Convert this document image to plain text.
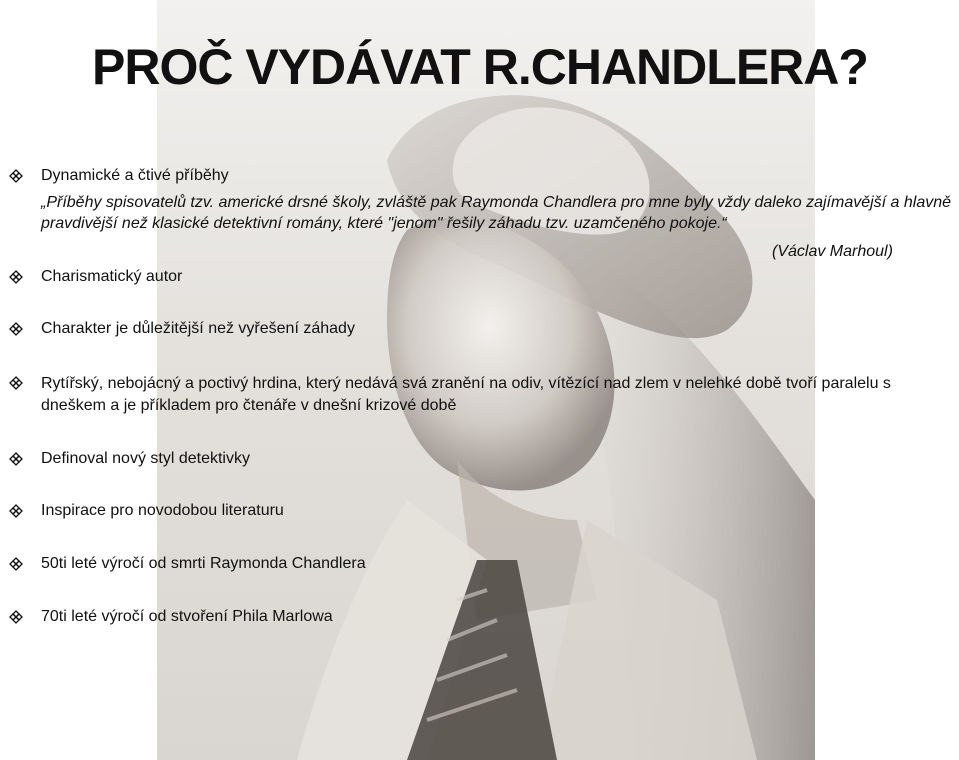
PROČ VYDÁVAT R.CHANDLERA?
Dynamické a čtivé příběhy
„Příběhy spisovatelů tzv. americké drsné školy, zvláště pak Raymonda Chandlera pro mne byly vždy daleko zajímavější a hlavně pravdivější než klasické detektivní romány, které "jenom" řešily záhadu tzv. uzamčeného pokoje.“
(Václav Marhoul)
Charismatický autor
Charakter je důležitější než vyřešení záhady
Rytířský, nebojácný a poctivý hrdina, který nedává svá zranění na odiv, vítězící nad zlem v nelehké době tvoří paralelu s dneškem a je příkladem pro čtenáře v dnešní krizové době
Definoval nový styl detektivky
Inspirace pro novodobou literaturu
50ti leté výročí od smrti Raymonda Chandlera
70ti leté výročí od stvoření Phila Marlowa
